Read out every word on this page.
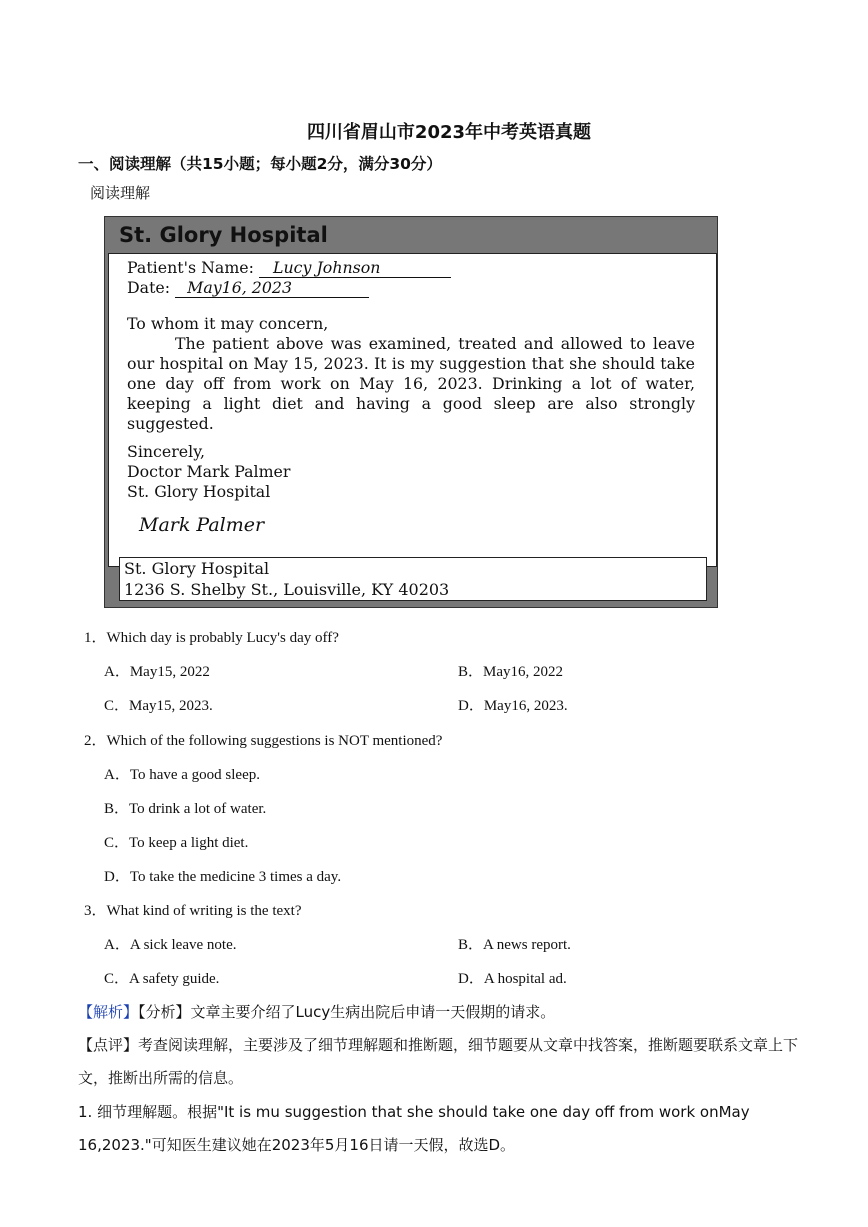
四川省眉山市2023年中考英语真题
一、阅读理解（共15小题；每小题2分，满分30分）
阅读理解
St. Glory Hospital
Patient's Name: Lucy Johnson
Date: May16, 2023
To whom it may concern,
The patient above was examined, treated and allowed to leave our hospital on May 15, 2023. It is my suggestion that she should take one day off from work on May 16, 2023. Drinking a lot of water, keeping a light diet and having a good sleep are also strongly suggested.
Sincerely,
Doctor Mark Palmer
St. Glory Hospital
Mark Palmer
St. Glory Hospital
1236 S. Shelby St., Louisville, KY 40203
1．Which day is probably Lucy's day off?
A．May15, 2022	B．May16, 2022
C．May15, 2023.	D．May16, 2023.
2．Which of the following suggestions is NOT mentioned?
A．To have a good sleep.
B．To drink a lot of water.
C．To keep a light diet.
D．To take the medicine 3 times a day.
3．What kind of writing is the text?
A．A sick leave note.	B．A news report.
C．A safety guide.	D．A hospital ad.
【解析】【分析】文章主要介绍了Lucy生病出院后申请一天假期的请求。
【点评】考查阅读理解，主要涉及了细节理解题和推断题，细节题要从文章中找答案，推断题要联系文章上下文，推断出所需的信息。
1. 细节理解题。根据"It is mu suggestion that she should take one day off from work onMay 16,2023."可知医生建议她在2023年5月16日请一天假，故选D。
